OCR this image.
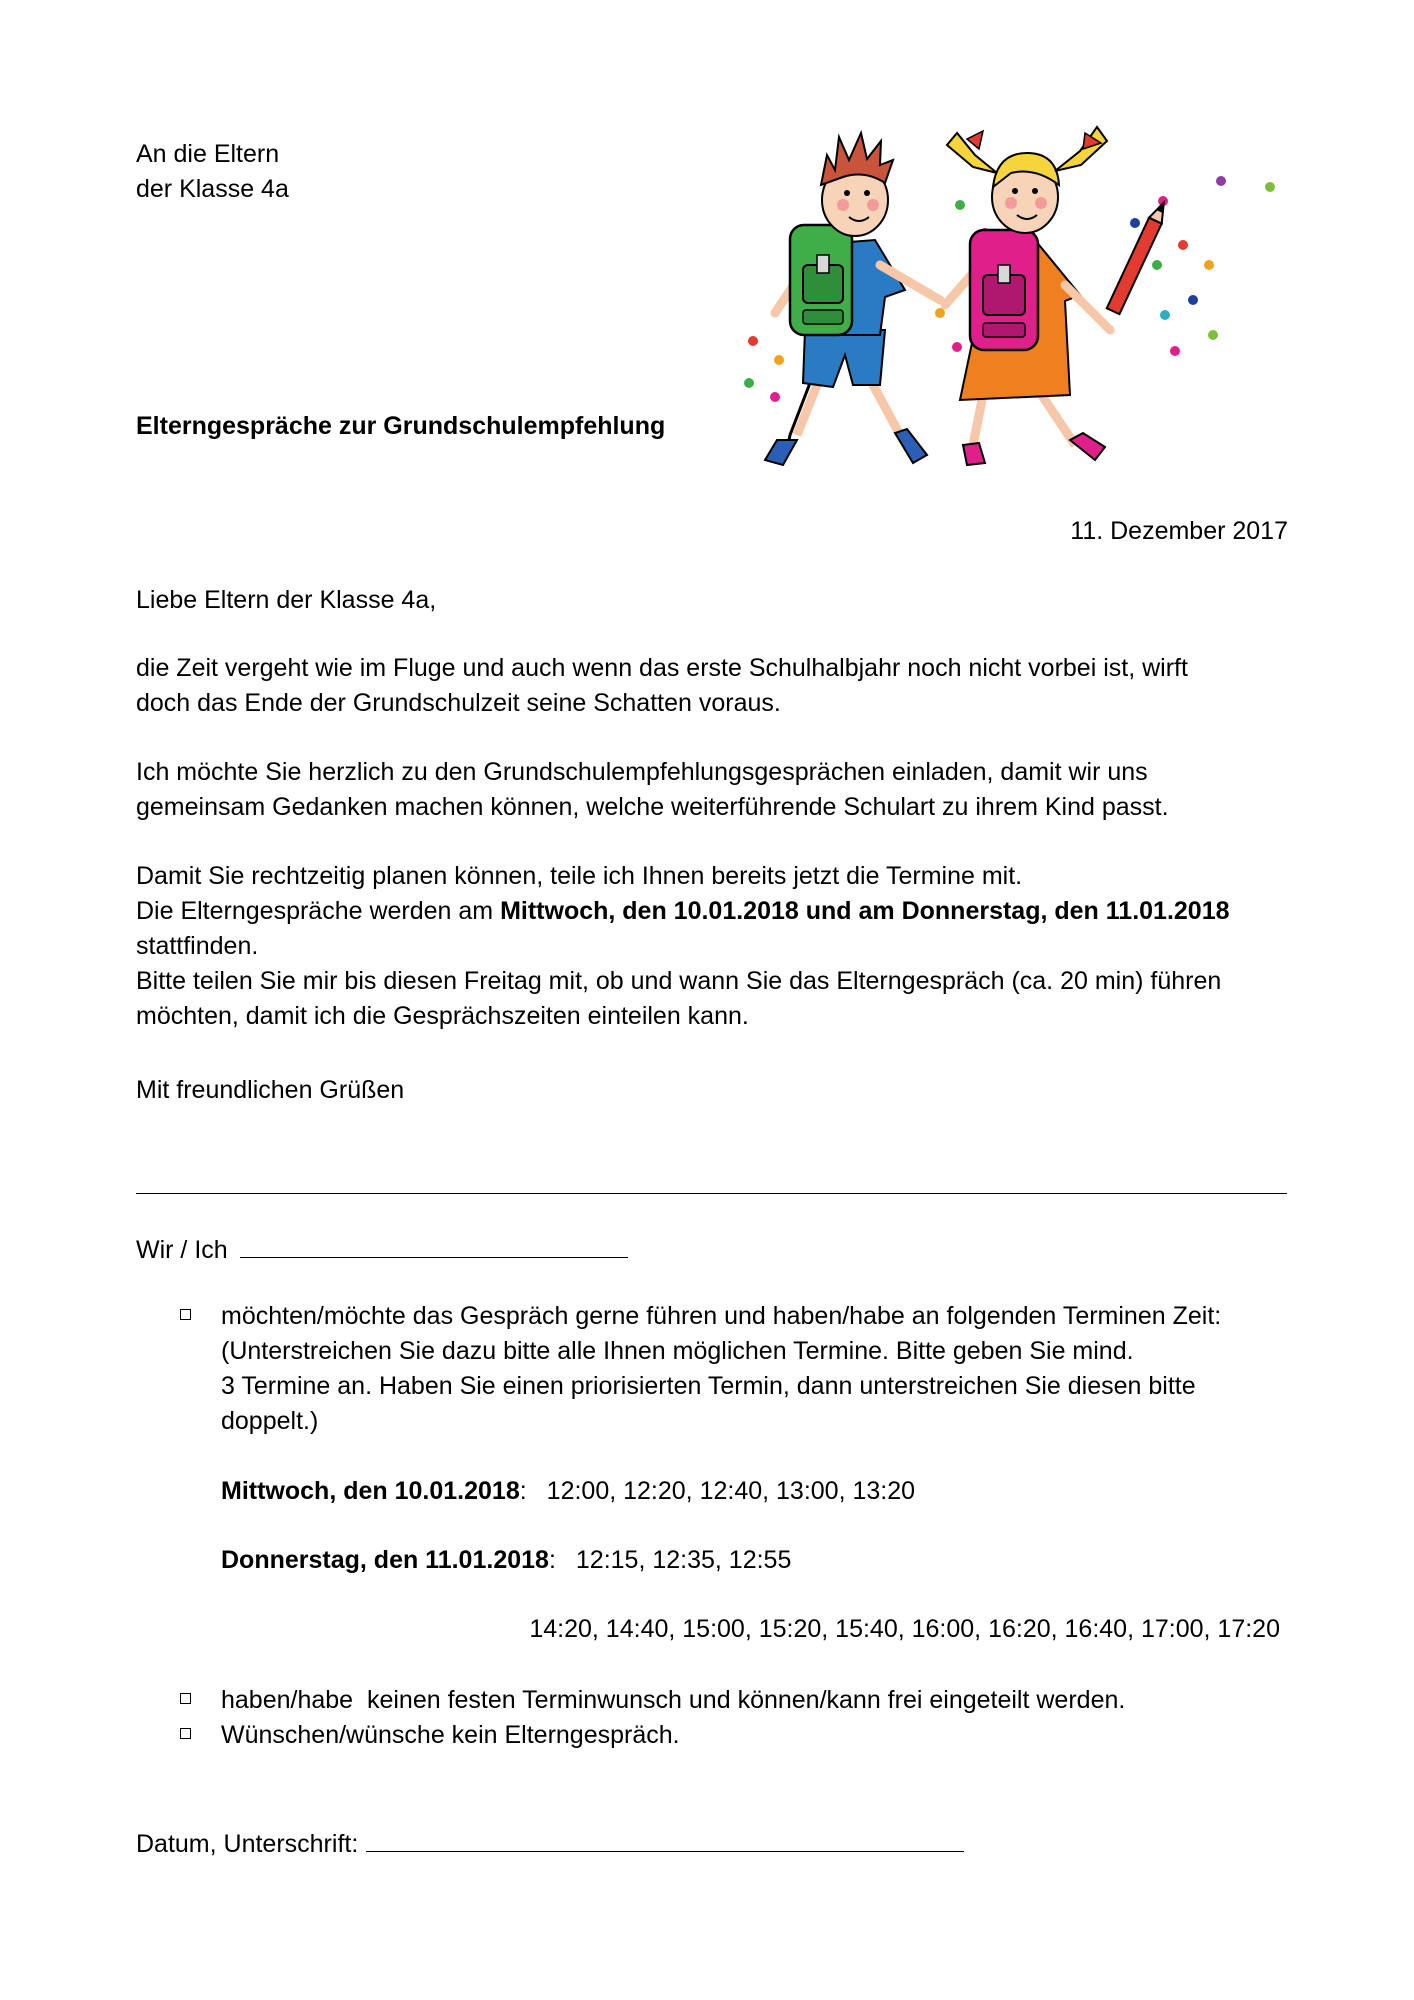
An die Eltern

der Klasse 4a

Elterngespräche zur Grundschulempfehlung

11. Dezember 2017

Liebe Eltern der Klasse 4a,

die Zeit vergeht wie im Fluge und auch wenn das erste Schulhalbjahr noch nicht vorbei ist, wirft

doch das Ende der Grundschulzeit seine Schatten voraus.

Ich möchte Sie herzlich zu den Grundschulempfehlungsgesprächen einladen, damit wir uns

gemeinsam Gedanken machen können, welche weiterführende Schulart zu ihrem Kind passt.

Damit Sie rechtzeitig planen können, teile ich Ihnen bereits jetzt die Termine mit.

Die Elterngespräche werden am Mittwoch, den 10.01.2018 und am Donnerstag, den 11.01.2018

stattfinden.

Bitte teilen Sie mir bis diesen Freitag mit, ob und wann Sie das Elterngespräch (ca. 20 min) führen

möchten, damit ich die Gesprächszeiten einteilen kann.

Mit freundlichen Grüßen

Wir / Ich

möchten/möchte das Gespräch gerne führen und haben/habe an folgenden Terminen Zeit:
(Unterstreichen Sie dazu bitte alle Ihnen möglichen Termine. Bitte geben Sie mind.
3 Termine an. Haben Sie einen priorisierten Termin, dann unterstreichen Sie diesen bitte
doppelt.)

Mittwoch, den 10.01.2018: 12:00, 12:20, 12:40, 13:00, 13:20

Donnerstag, den 11.01.2018: 12:15, 12:35, 12:55

14:20, 14:40, 15:00, 15:20, 15:40, 16:00, 16:20, 16:40, 17:00, 17:20

haben/habe  keinen festen Terminwunsch und können/kann frei eingeteilt werden.
Wünschen/wünsche kein Elterngespräch.

Datum, Unterschrift:
